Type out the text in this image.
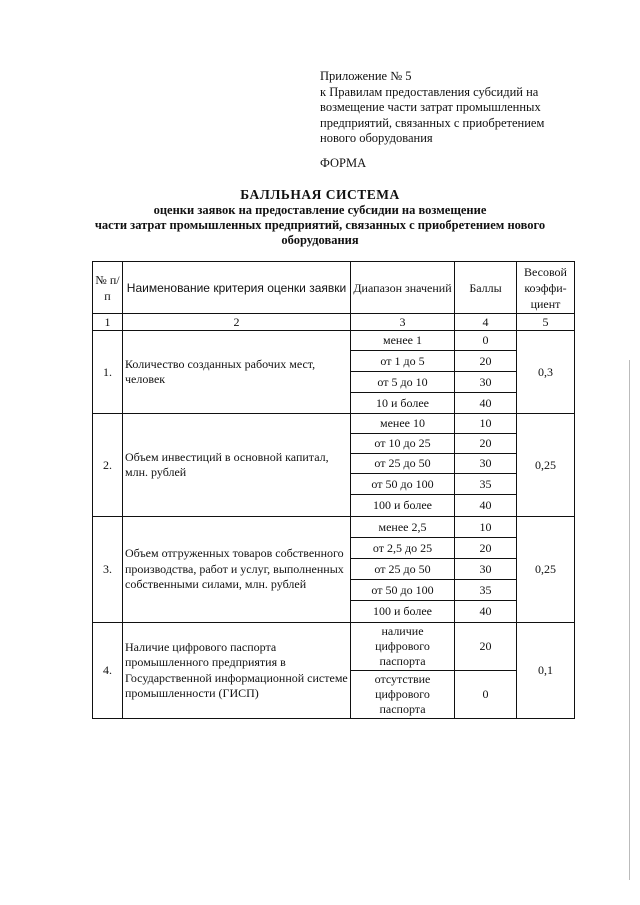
Приложение № 5
к Правилам предоставления субсидий на
возмещение части затрат промышленных
предприятий, связанных с приобретением
нового оборудования
ФОРМА
БАЛЛЬНАЯ СИСТЕМА
оценки заявок на предоставление субсидии на возмещение
части затрат промышленных предприятий, связанных с приобретением нового
оборудования
№ п/п	Наименование критерия оценки заявки	Диапазон значений	Баллы	Весовой коэффи-циент
1	2	3	4	5
1.	Количество созданных рабочих мест, человек	менее 1	0	0,3
		от 1 до 5	20	
		от 5 до 10	30	
		10 и более	40	
2.	Объем инвестиций в основной капитал, млн. рублей	менее 10	10	0,25
		от 10 до 25	20	
		от 25 до 50	30	
		от 50 до 100	35	
		100 и более	40	
3.	Объем отгруженных товаров собственного производства, работ и услуг, выполненных собственными силами, млн. рублей	менее 2,5	10	0,25
		от 2,5 до 25	20	
		от 25 до 50	30	
		от 50 до 100	35	
		100 и более	40	
4.	Наличие цифрового паспорта промышленного предприятия в Государственной информационной системе промышленности (ГИСП)	наличие цифрового паспорта	20	0,1
		отсутствие цифрового паспорта	0	
